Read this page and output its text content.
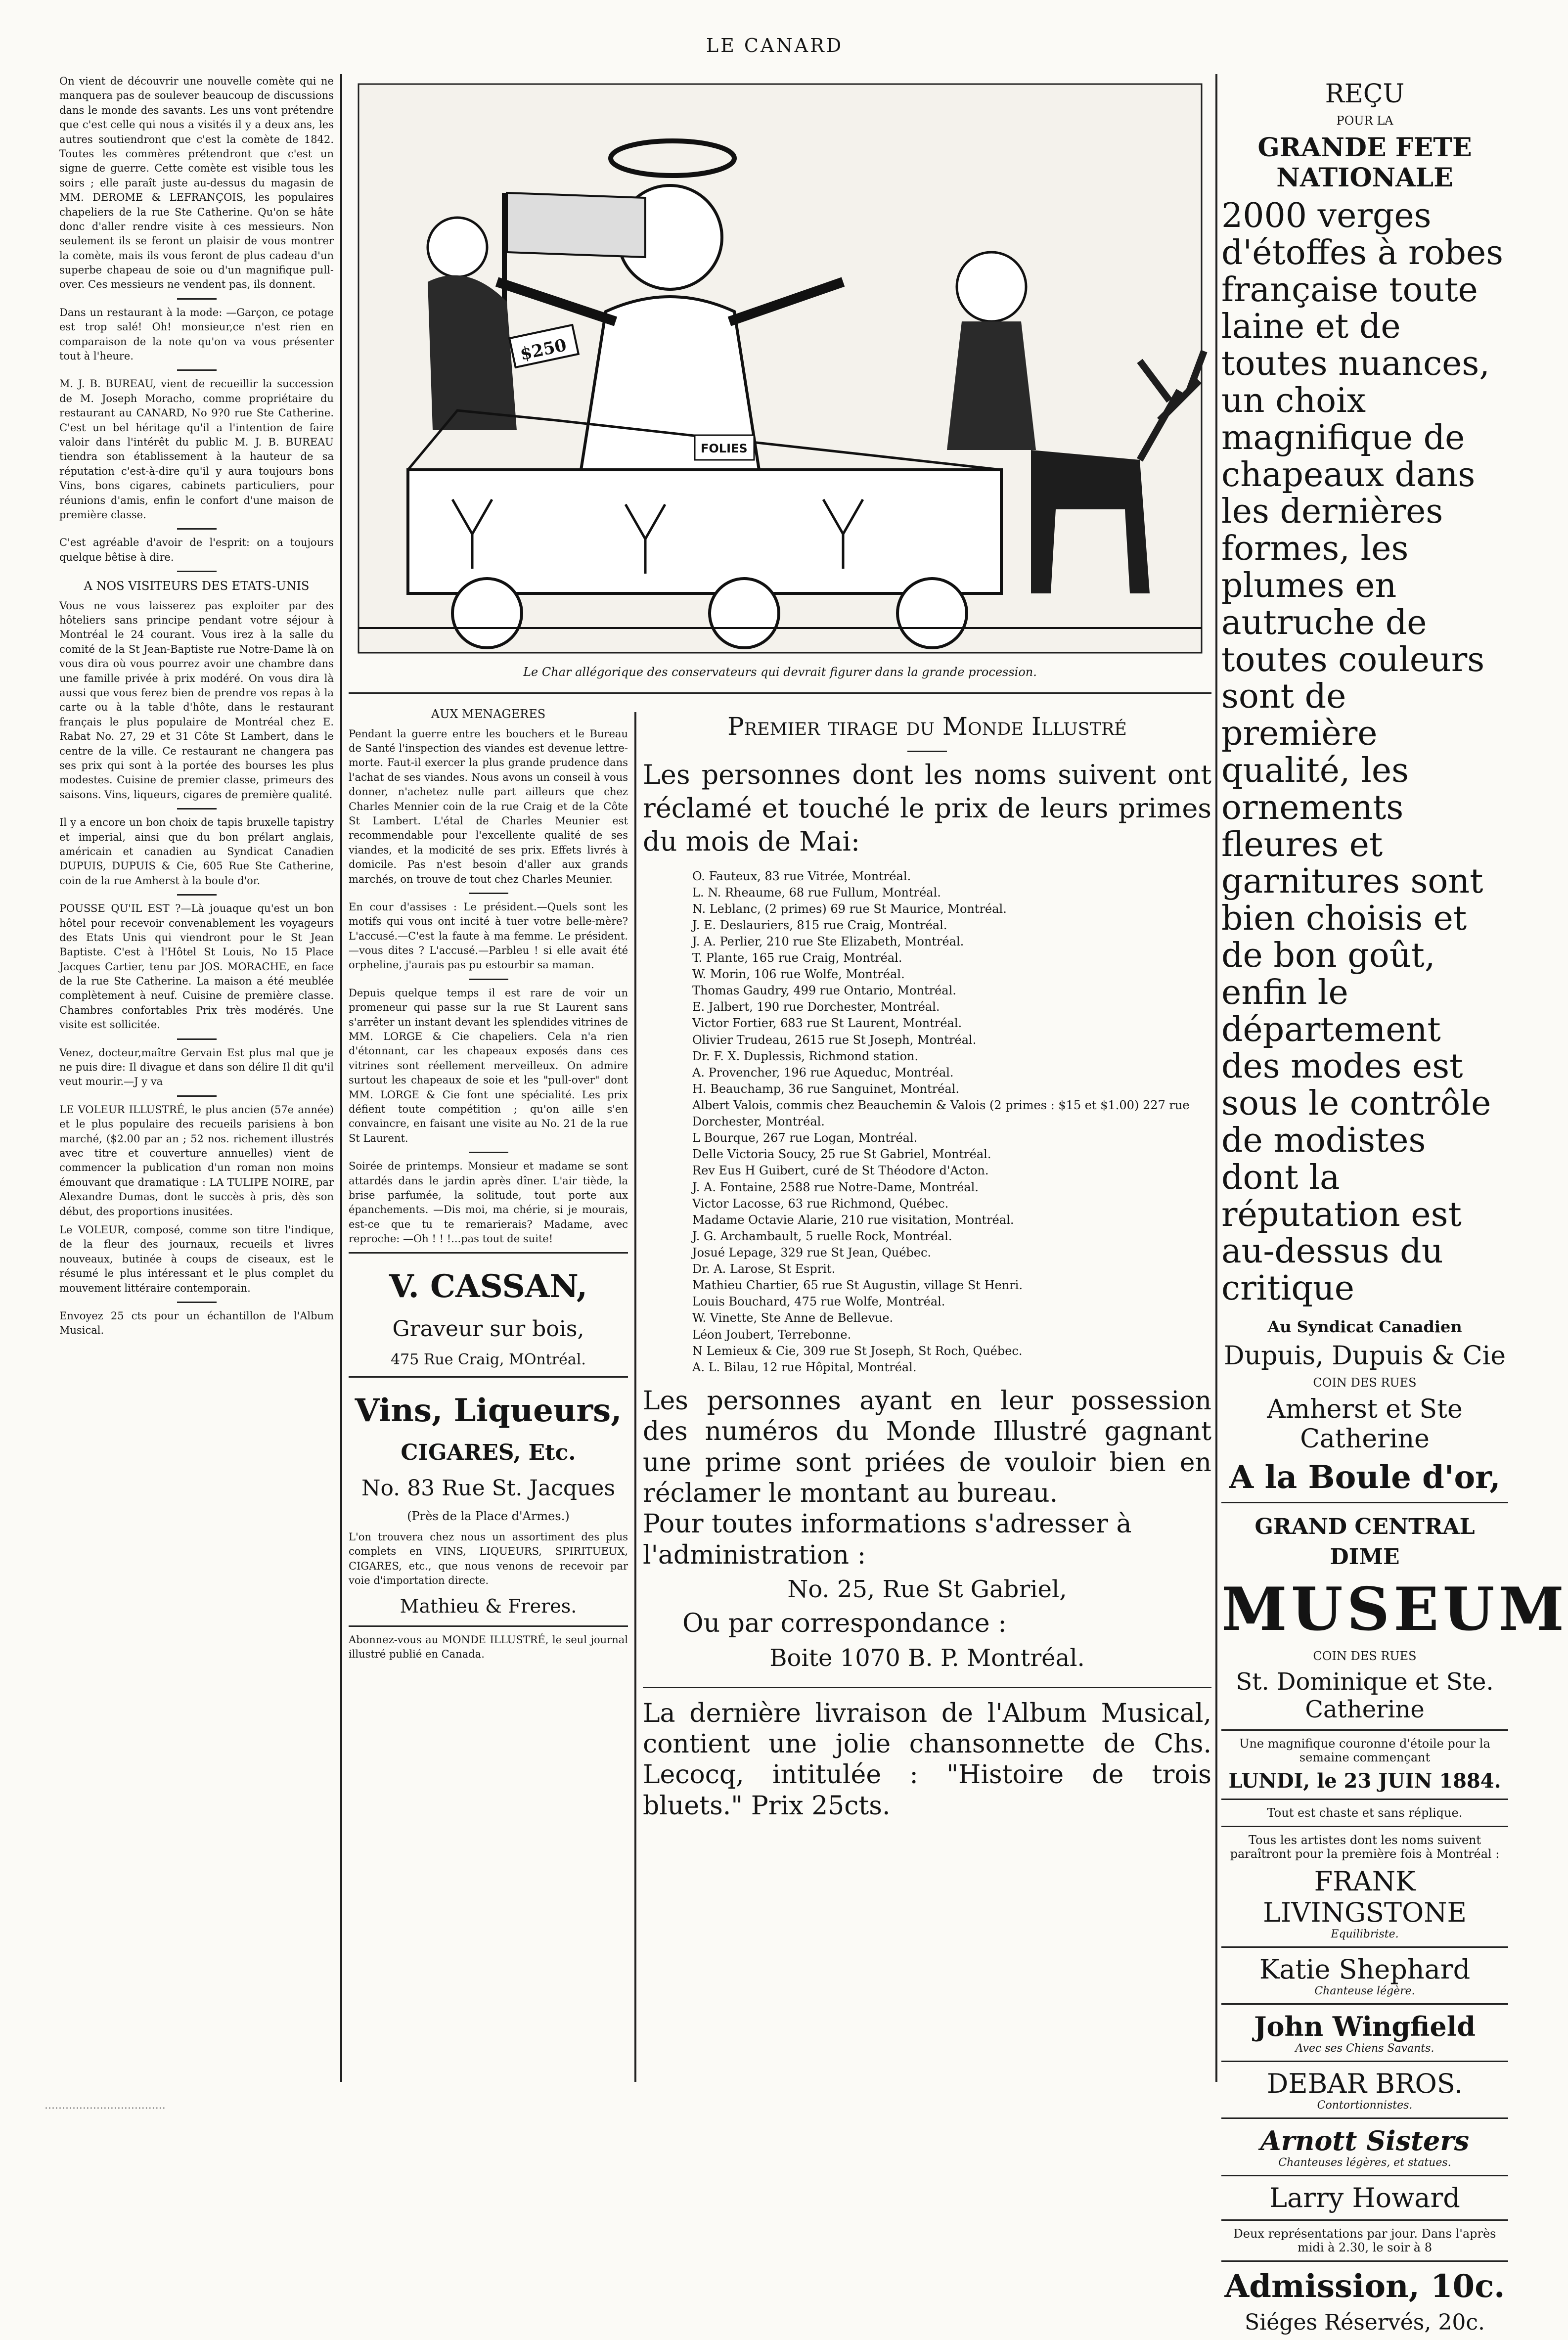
LE CANARD

On vient de découvrir une nouvelle comète qui ne manquera pas de soulever beaucoup de discussions dans le monde des savants. Les uns vont prétendre que c'est celle qui nous a visités il y a deux ans, les autres soutiendront que c'est la comète de 1842. Toutes les commères prétendront que c'est un signe de guerre. Cette comète est visible tous les soirs ; elle paraît juste au-dessus du magasin de MM. DEROME & LEFRANÇOIS, les populaires chapeliers de la rue Ste Catherine. Qu'on se hâte donc d'aller rendre visite à ces messieurs. Non seulement ils se feront un plaisir de vous montrer la comète, mais ils vous feront de plus cadeau d'un superbe chapeau de soie ou d'un magnifique pull-over. Ces messieurs ne vendent pas, ils donnent.

Dans un restaurant à la mode: —Garçon, ce potage est trop salé! Oh! monsieur,ce n'est rien en comparaison de la note qu'on va vous présenter tout à l'heure.

M. J. B. BUREAU, vient de recueillir la succession de M. Joseph Moracho, comme propriétaire du restaurant au CANARD, No 9?0 rue Ste Catherine. C'est un bel héritage qu'il a l'intention de faire valoir dans l'intérêt du public M. J. B. BUREAU tiendra son établissement à la hauteur de sa réputation c'est-à-dire qu'il y aura toujours bons Vins, bons cigares, cabinets particuliers, pour réunions d'amis, enfin le confort d'une maison de première classe.

C'est agréable d'avoir de l'esprit: on a toujours quelque bêtise à dire.

A NOS VISITEURS DES ETATS-UNIS

Vous ne vous laisserez pas exploiter par des hôteliers sans principe pendant votre séjour à Montréal le 24 courant. Vous irez à la salle du comité de la St Jean-Baptiste rue Notre-Dame là on vous dira où vous pourrez avoir une chambre dans une famille privée à prix modéré. On vous dira là aussi que vous ferez bien de prendre vos repas à la carte ou à la table d'hôte, dans le restaurant français le plus populaire de Montréal chez E. Rabat No. 27, 29 et 31 Côte St Lambert, dans le centre de la ville. Ce restaurant ne changera pas ses prix qui sont à la portée des bourses les plus modestes. Cuisine de premier classe, primeurs des saisons. Vins, liqueurs, cigares de première qualité.

Il y a encore un bon choix de tapis bruxelle tapistry et imperial, ainsi que du bon prélart anglais, américain et canadien au Syndicat Canadien DUPUIS, DUPUIS & Cie, 605 Rue Ste Catherine, coin de la rue Amherst à la boule d'or.

POUSSE QU'IL EST ?—Là jouaque qu'est un bon hôtel pour recevoir convenablement les voyageurs des Etats Unis qui viendront pour le St Jean Baptiste. C'est à l'Hôtel St Louis, No 15 Place Jacques Cartier, tenu par JOS. MORACHE, en face de la rue Ste Catherine. La maison a été meublée complètement à neuf. Cuisine de première classe. Chambres confortables Prix très modérés. Une visite est sollicitée.

Venez, docteur,maître Gervain Est plus mal que je ne puis dire: Il divague et dans son délire Il dit qu'il veut mourir.—J y va

LE VOLEUR ILLUSTRÉ, le plus ancien (57e année) et le plus populaire des recueils parisiens à bon marché, ($2.00 par an ; 52 nos. richement illustrés avec titre et couverture annuelles) vient de commencer la publication d'un roman non moins émouvant que dramatique : LA TULIPE NOIRE, par Alexandre Dumas, dont le succès à pris, dès son début, des proportions inusitées.

Le VOLEUR, composé, comme son titre l'indique, de la fleur des journaux, recueils et livres nouveaux, butinée à coups de ciseaux, est le résumé le plus intéressant et le plus complet du mouvement littéraire contemporain.

Envoyez 25 cts pour un échantillon de l'Album Musical.

$250
FOLIES
Le Char allégorique des conservateurs qui devrait figurer dans la grande procession.
AUX MENAGERES

Pendant la guerre entre les bouchers et le Bureau de Santé l'inspection des viandes est devenue lettre-morte. Faut-il exercer la plus grande prudence dans l'achat de ses viandes. Nous avons un conseil à vous donner, n'achetez nulle part ailleurs que chez Charles Mennier coin de la rue Craig et de la Côte St Lambert. L'étal de Charles Meunier est recommendable pour l'excellente qualité de ses viandes, et la modicité de ses prix. Effets livrés à domicile. Pas n'est besoin d'aller aux grands marchés, on trouve de tout chez Charles Meunier.

En cour d'assises : Le président.—Quels sont les motifs qui vous ont incité à tuer votre belle-mère? L'accusé.—C'est la faute à ma femme. Le président.—vous dites ? L'accusé.—Parbleu ! si elle avait été orpheline, j'aurais pas pu estourbir sa maman.

Depuis quelque temps il est rare de voir un promeneur qui passe sur la rue St Laurent sans s'arrêter un instant devant les splendides vitrines de MM. LORGE & Cie chapeliers. Cela n'a rien d'étonnant, car les chapeaux exposés dans ces vitrines sont réellement merveilleux. On admire surtout les chapeaux de soie et les "pull-over" dont MM. LORGE & Cie font une spécialité. Les prix défient toute compétition ; qu'on aille s'en convaincre, en faisant une visite au No. 21 de la rue St Laurent.

Soirée de printemps. Monsieur et madame se sont attardés dans le jardin après dîner. L'air tiède, la brise parfumée, la solitude, tout porte aux épanchements. —Dis moi, ma chérie, si je mourais, est-ce que tu te remarierais? Madame, avec reproche: —Oh ! ! !...pas tout de suite!

V. CASSAN,
Graveur sur bois,
475 Rue Craig, MOntréal.
Vins, Liqueurs,
CIGARES, Etc.
No. 83 Rue St. Jacques
(Près de la Place d'Armes.)

L'on trouvera chez nous un assortiment des plus complets en VINS, LIQUEURS, SPIRITUEUX, CIGARES, etc., que nous venons de recevoir par voie d'importation directe.

Mathieu & Freres.
Abonnez-vous au MONDE ILLUSTRÉ, le seul journal illustré publié en Canada.
Premier tirage du Monde Illustré
Les personnes dont les noms suivent ont réclamé et touché le prix de leurs primes du mois de Mai:
O. Fauteux, 83 rue Vitrée, Montréal.
L. N. Rheaume, 68 rue Fullum, Montréal.
N. Leblanc, (2 primes) 69 rue St Maurice, Montréal.
J. E. Deslauriers, 815 rue Craig, Montréal.
J. A. Perlier, 210 rue Ste Elizabeth, Montréal.
T. Plante, 165 rue Craig, Montréal.
W. Morin, 106 rue Wolfe, Montréal.
Thomas Gaudry, 499 rue Ontario, Montréal.
E. Jalbert, 190 rue Dorchester, Montréal.
Victor Fortier, 683 rue St Laurent, Montréal.
Olivier Trudeau, 2615 rue St Joseph, Montréal.
Dr. F. X. Duplessis, Richmond station.
A. Provencher, 196 rue Aqueduc, Montréal.
H. Beauchamp, 36 rue Sanguinet, Montréal.
Albert Valois, commis chez Beauchemin & Valois (2 primes : $15 et $1.00) 227 rue Dorchester, Montréal.
L Bourque, 267 rue Logan, Montréal.
Delle Victoria Soucy, 25 rue St Gabriel, Montréal.
Rev Eus H Guibert, curé de St Théodore d'Acton.
J. A. Fontaine, 2588 rue Notre-Dame, Montréal.
Victor Lacosse, 63 rue Richmond, Québec.
Madame Octavie Alarie, 210 rue visitation, Montréal.
J. G. Archambault, 5 ruelle Rock, Montréal.
Josué Lepage, 329 rue St Jean, Québec.
Dr. A. Larose, St Esprit.
Mathieu Chartier, 65 rue St Augustin, village St Henri.
Louis Bouchard, 475 rue Wolfe, Montréal.
W. Vinette, Ste Anne de Bellevue.
Léon Joubert, Terrebonne.
N Lemieux & Cie, 309 rue St Joseph, St Roch, Québec.
A. L. Bilau, 12 rue Hôpital, Montréal.
Les personnes ayant en leur possession des numéros du Monde Illustré gagnant une prime sont priées de vouloir bien en réclamer le montant au bureau.
Pour toutes informations s'adresser à l'administration :
No. 25, Rue St Gabriel,
Ou par correspondance :
Boite 1070 B. P. Montréal.
La dernière livraison de l'Album Musical, contient une jolie chansonnette de Chs. Lecocq, intitulée : "Histoire de trois bluets." Prix 25cts.
REÇU
POUR LA
GRANDE FETE NATIONALE
2000 verges d'étoffes à robes française toute laine et de toutes nuances, un choix magnifique de chapeaux dans les dernières formes, les plumes en autruche de toutes couleurs sont de première qualité, les ornements fleures et garnitures sont bien choisis et de bon goût, enfin le département des modes est sous le contrôle de modistes dont la réputation est au-dessus du critique
Au Syndicat Canadien
Dupuis, Dupuis & Cie
COIN DES RUES
Amherst et Ste Catherine
A la Boule d'or,
GRAND CENTRAL
DIME
MUSEUM
COIN DES RUES
St. Dominique et Ste. Catherine
Une magnifique couronne d'étoile pour la semaine commençant
LUNDI, le 23 JUIN 1884.
Tout est chaste et sans réplique.
Tous les artistes dont les noms suivent paraîtront pour la première fois à Montréal :
FRANK LIVINGSTONE
Equilibriste.
Katie Shephard
Chanteuse légère.
John Wingfield
Avec ses Chiens Savants.
DEBAR BROS.
Contortionnistes.
Arnott Sisters
Chanteuses légères, et statues.
Larry Howard
Deux représentations par jour. Dans l'après midi à 2.30, le soir à 8
Admission, 10c.
Siéges Réservés, 20c.
...................................
